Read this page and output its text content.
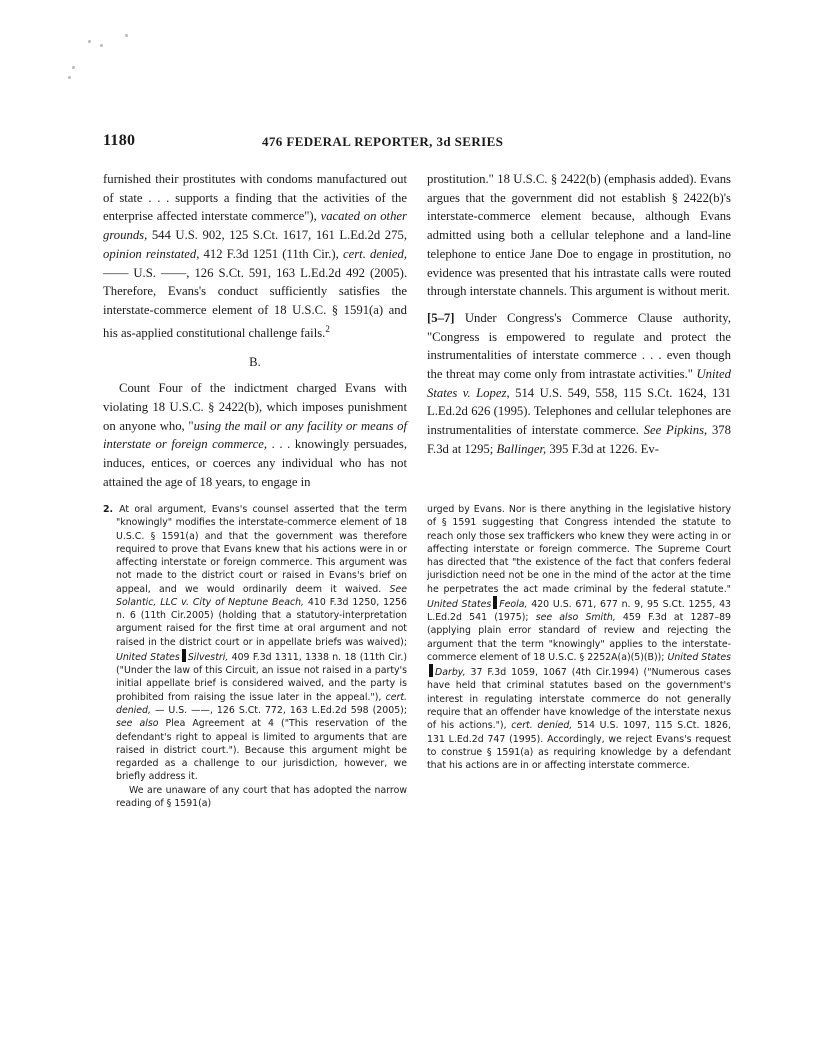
1180	476 FEDERAL REPORTER, 3d SERIES

furnished their prostitutes with condoms manufactured out of state . . . supports a finding that the activities of the enterprise affected interstate commerce"), vacated on other grounds, 544 U.S. 902, 125 S.Ct. 1617, 161 L.Ed.2d 275, opinion reinstated, 412 F.3d 1251 (11th Cir.), cert. denied, —— U.S. ——, 126 S.Ct. 591, 163 L.Ed.2d 492 (2005). Therefore, Evans's conduct sufficiently satisfies the interstate-commerce element of 18 U.S.C. § 1591(a) and his as-applied constitutional challenge fails.$^2$

B.

Count Four of the indictment charged Evans with violating 18 U.S.C. § 2422(b), which imposes punishment on anyone who, "using the mail or any facility or means of interstate or foreign commerce, . . . knowingly persuades, induces, entices, or coerces any individual who has not attained the age of 18 years, to engage in

prostitution." 18 U.S.C. § 2422(b) (emphasis added). Evans argues that the government did not establish § 2422(b)'s interstate-commerce element because, although Evans admitted using both a cellular telephone and a land-line telephone to entice Jane Doe to engage in prostitution, no evidence was presented that his intrastate calls were routed through interstate channels. This argument is without merit.

[5–7] Under Congress's Commerce Clause authority, "Congress is empowered to regulate and protect the instrumentalities of interstate commerce . . . even though the threat may come only from intrastate activities." United States v. Lopez, 514 U.S. 549, 558, 115 S.Ct. 1624, 131 L.Ed.2d 626 (1995). Telephones and cellular telephones are instrumentalities of interstate commerce. See Pipkins, 378 F.3d at 1295; Ballinger, 395 F.3d at 1226. Ev-

2. At oral argument, Evans's counsel asserted that the term "knowingly" modifies the interstate-commerce element of 18 U.S.C. § 1591(a) and that the government was therefore required to prove that Evans knew that his actions were in or affecting interstate or foreign commerce. This argument was not made to the district court or raised in Evans's brief on appeal, and we would ordinarily deem it waived. See Solantic, LLC v. City of Neptune Beach, 410 F.3d 1250, 1256 n. 6 (11th Cir.2005) (holding that a statutory-interpretation argument raised for the first time at oral argument and not raised in the district court or in appellate briefs was waived); United States Silvestri, 409 F.3d 1311, 1338 n. 18 (11th Cir.) ("Under the law of this Circuit, an issue not raised in a party's initial appellate brief is considered waived, and the party is prohibited from raising the issue later in the appeal."), cert. denied, — U.S. ——, 126 S.Ct. 772, 163 L.Ed.2d 598 (2005); see also Plea Agreement at 4 ("This reservation of the defendant's right to appeal is limited to arguments that are raised in district court."). Because this argument might be regarded as a challenge to our jurisdiction, however, we briefly address it.

We are unaware of any court that has adopted the narrow reading of § 1591(a)

urged by Evans. Nor is there anything in the legislative history of § 1591 suggesting that Congress intended the statute to reach only those sex traffickers who knew they were acting in or affecting interstate or foreign commerce. The Supreme Court has directed that "the existence of the fact that confers federal jurisdiction need not be one in the mind of the actor at the time he perpetrates the act made criminal by the federal statute." United States Feola, 420 U.S. 671, 677 n. 9, 95 S.Ct. 1255, 43 L.Ed.2d 541 (1975); see also Smith, 459 F.3d at 1287–89 (applying plain error standard of review and rejecting the argument that the term "knowingly" applies to the interstate-commerce element of 18 U.S.C. § 2252A(a)(5)(B)); United StatesDarby, 37 F.3d 1059, 1067 (4th Cir.1994) ("Numerous cases have held that criminal statutes based on the government's interest in regulating interstate commerce do not generally require that an offender have knowledge of the interstate nexus of his actions."), cert. denied, 514 U.S. 1097, 115 S.Ct. 1826, 131 L.Ed.2d 747 (1995). Accordingly, we reject Evans's request to construe § 1591(a) as requiring knowledge by a defendant that his actions are in or affecting interstate commerce.
